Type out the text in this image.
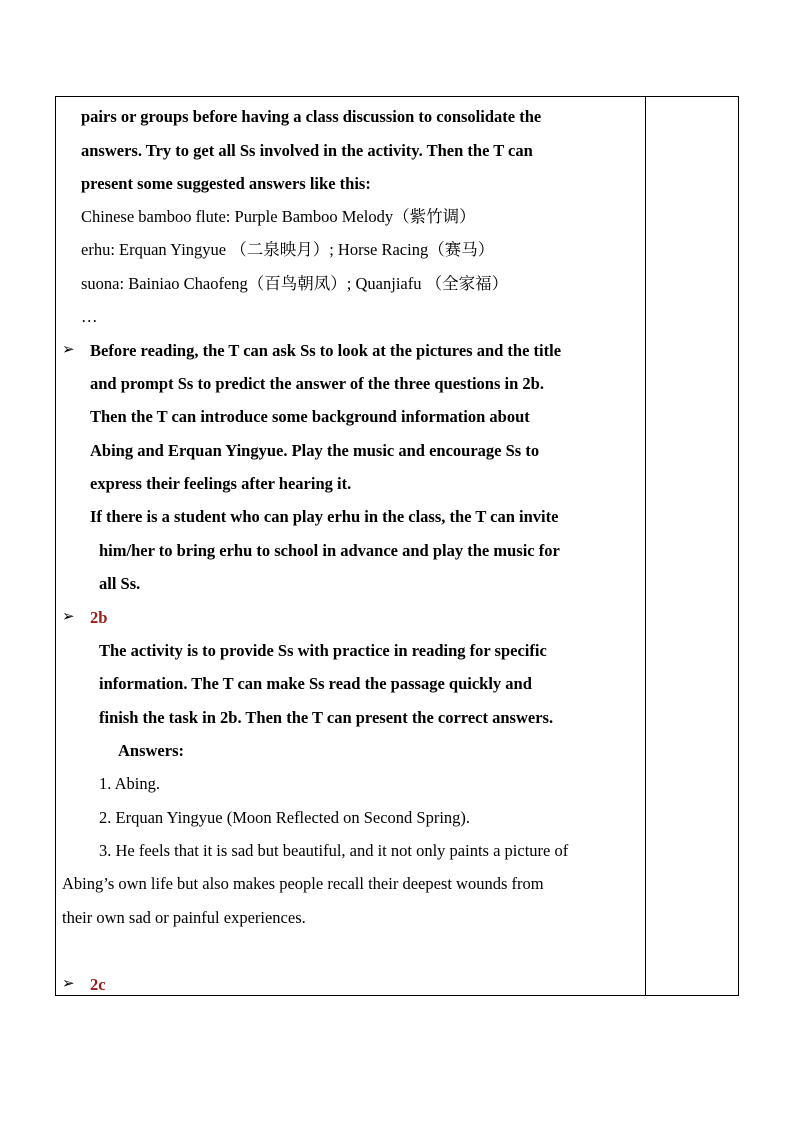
pairs or groups before having a class discussion to consolidate the
answers. Try to get all Ss involved in the activity. Then the T can
present some suggested answers like this:
Chinese bamboo flute: Purple Bamboo Melody（紫竹调）
erhu: Erquan Yingyue （二泉映月）; Horse Racing（赛马）
suona: Bainiao Chaofeng（百鸟朝凤）; Quanjiafu （全家福）
…
➢ Before reading, the T can ask Ss to look at the pictures and the title
and prompt Ss to predict the answer of the three questions in 2b.
Then the T can introduce some background information about
Abing and Erquan Yingyue. Play the music and encourage Ss to
express their feelings after hearing it.
If there is a student who can play erhu in the class, the T can invite
him/her to bring erhu to school in advance and play the music for
all Ss.
➢ 2b
The activity is to provide Ss with practice in reading for specific
information. The T can make Ss read the passage quickly and
finish the task in 2b. Then the T can present the correct answers.
Answers:
1. Abing.
2. Erquan Yingyue (Moon Reflected on Second Spring).
3. He feels that it is sad but beautiful, and it not only paints a picture of
Abing’s own life but also makes people recall their deepest wounds from
their own sad or painful experiences.
➢ 2c
